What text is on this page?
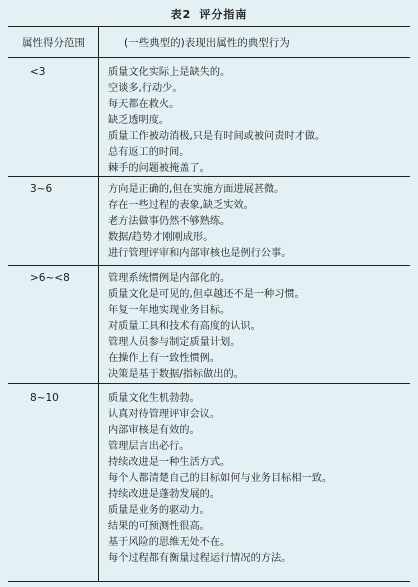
表2 评分指南
属性得分范围	(一些典型的)表现出属性的典型行为
<3	质量文化实际上是缺失的。
空谈多,行动少。
每天都在救火。
缺乏透明度。
质量工作被动消极,只是有时间或被问责时才做。
总有返工的时间。
棘手的问题被掩盖了。
3~6	方向是正确的,但在实施方面进展甚微。
存在一些过程的表象,缺乏实效。
老方法做事仍然不够熟练。
数据/趋势才刚刚成形。
进行管理评审和内部审核也是例行公事。
>6~<8	管理系统惯例是内部化的。
质量文化是可见的,但卓越还不是一种习惯。
年复一年地实现业务目标。
对质量工具和技术有高度的认识。
管理人员参与制定质量计划。
在操作上有一致性惯例。
决策是基于数据/指标做出的。
8~10	质量文化生机勃勃。
认真对待管理评审会议。
内部审核是有效的。
管理层言出必行。
持续改进是一种生活方式。
每个人都清楚自己的目标如何与业务目标相一致。
持续改进是蓬勃发展的。
质量是业务的驱动力。
结果的可预测性很高。
基于风险的思维无处不在。
每个过程都有衡量过程运行情况的方法。
